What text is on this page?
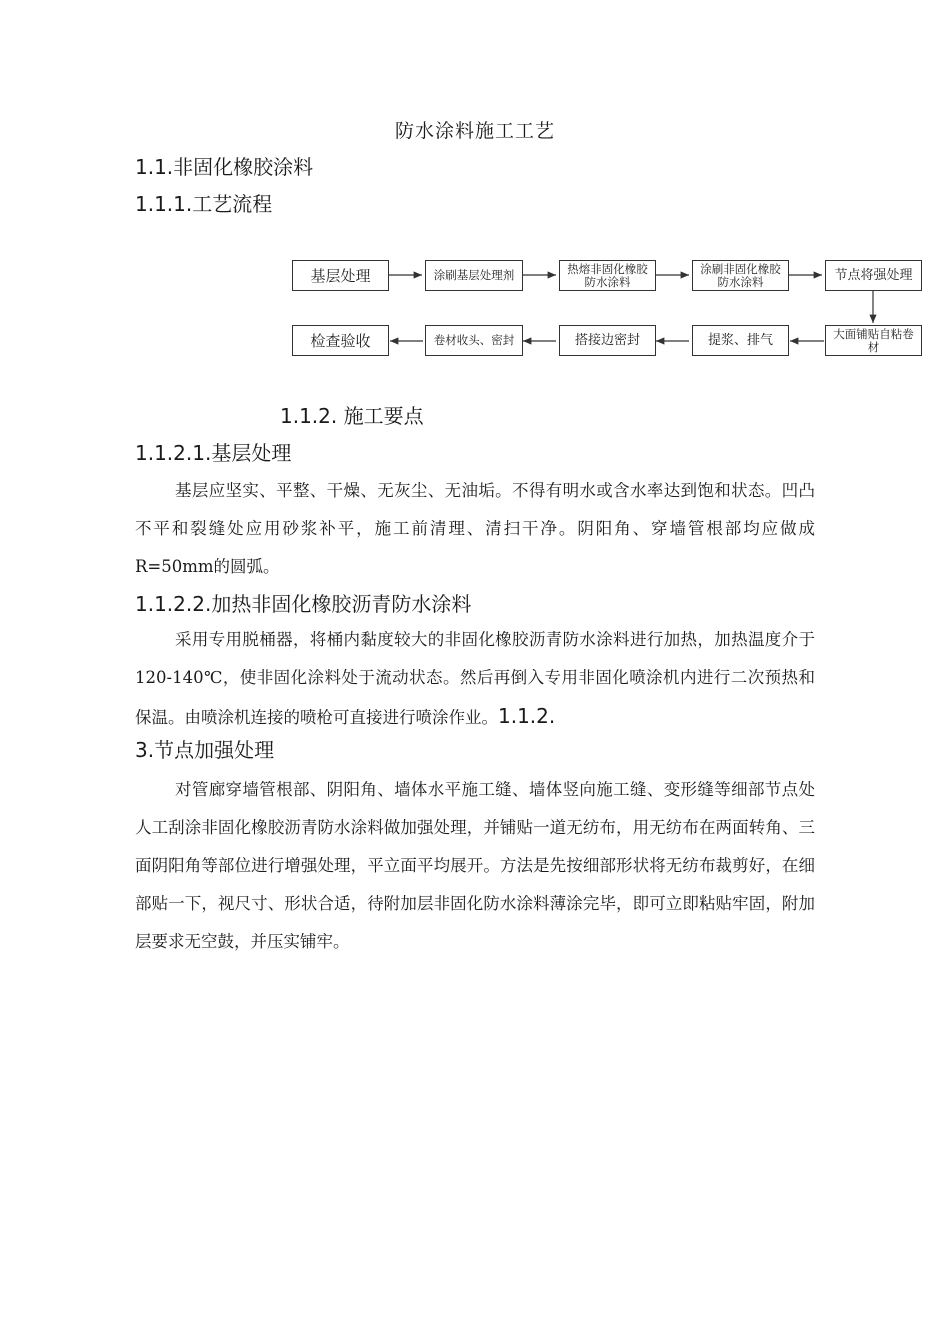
防水涂料施工工艺
1.1.非固化橡胶涂料
1.1.1.工艺流程
基层处理	涂刷基层处理剂	热熔非固化橡胶防水涂料
涂刷非固化橡胶防水涂料	节点将强处理
大面铺贴自粘卷材
提浆、排气
搭接边密封
卷材收头、密封
检查验收
1.1.2. 施工要点
1.1.2.1.基层处理
基层应坚实、平整、干燥、无灰尘、无油垢。不得有明水或含水率达到饱和状态。凹凸不平和裂缝处应用砂浆补平，施工前清理、清扫干净。阴阳角、穿墙管根部均应做成R=50mm的圆弧。
1.1.2.2.加热非固化橡胶沥青防水涂料
采用专用脱桶器，将桶内黏度较大的非固化橡胶沥青防水涂料进行加热，加热温度介于120-140℃，使非固化涂料处于流动状态。然后再倒入专用非固化喷涂机内进行二次预热和保温。由喷涂机连接的喷枪可直接进行喷涂作业。1.1.2.
3.节点加强处理
对管廊穿墙管根部、阴阳角、墙体水平施工缝、墙体竖向施工缝、变形缝等细部节点处人工刮涂非固化橡胶沥青防水涂料做加强处理，并铺贴一道无纺布，用无纺布在两面转角、三面阴阳角等部位进行增强处理，平立面平均展开。方法是先按细部形状将无纺布裁剪好，在细部贴一下，视尺寸、形状合适，待附加层非固化防水涂料薄涂完毕，即可立即粘贴牢固，附加层要求无空鼓，并压实铺牢。
